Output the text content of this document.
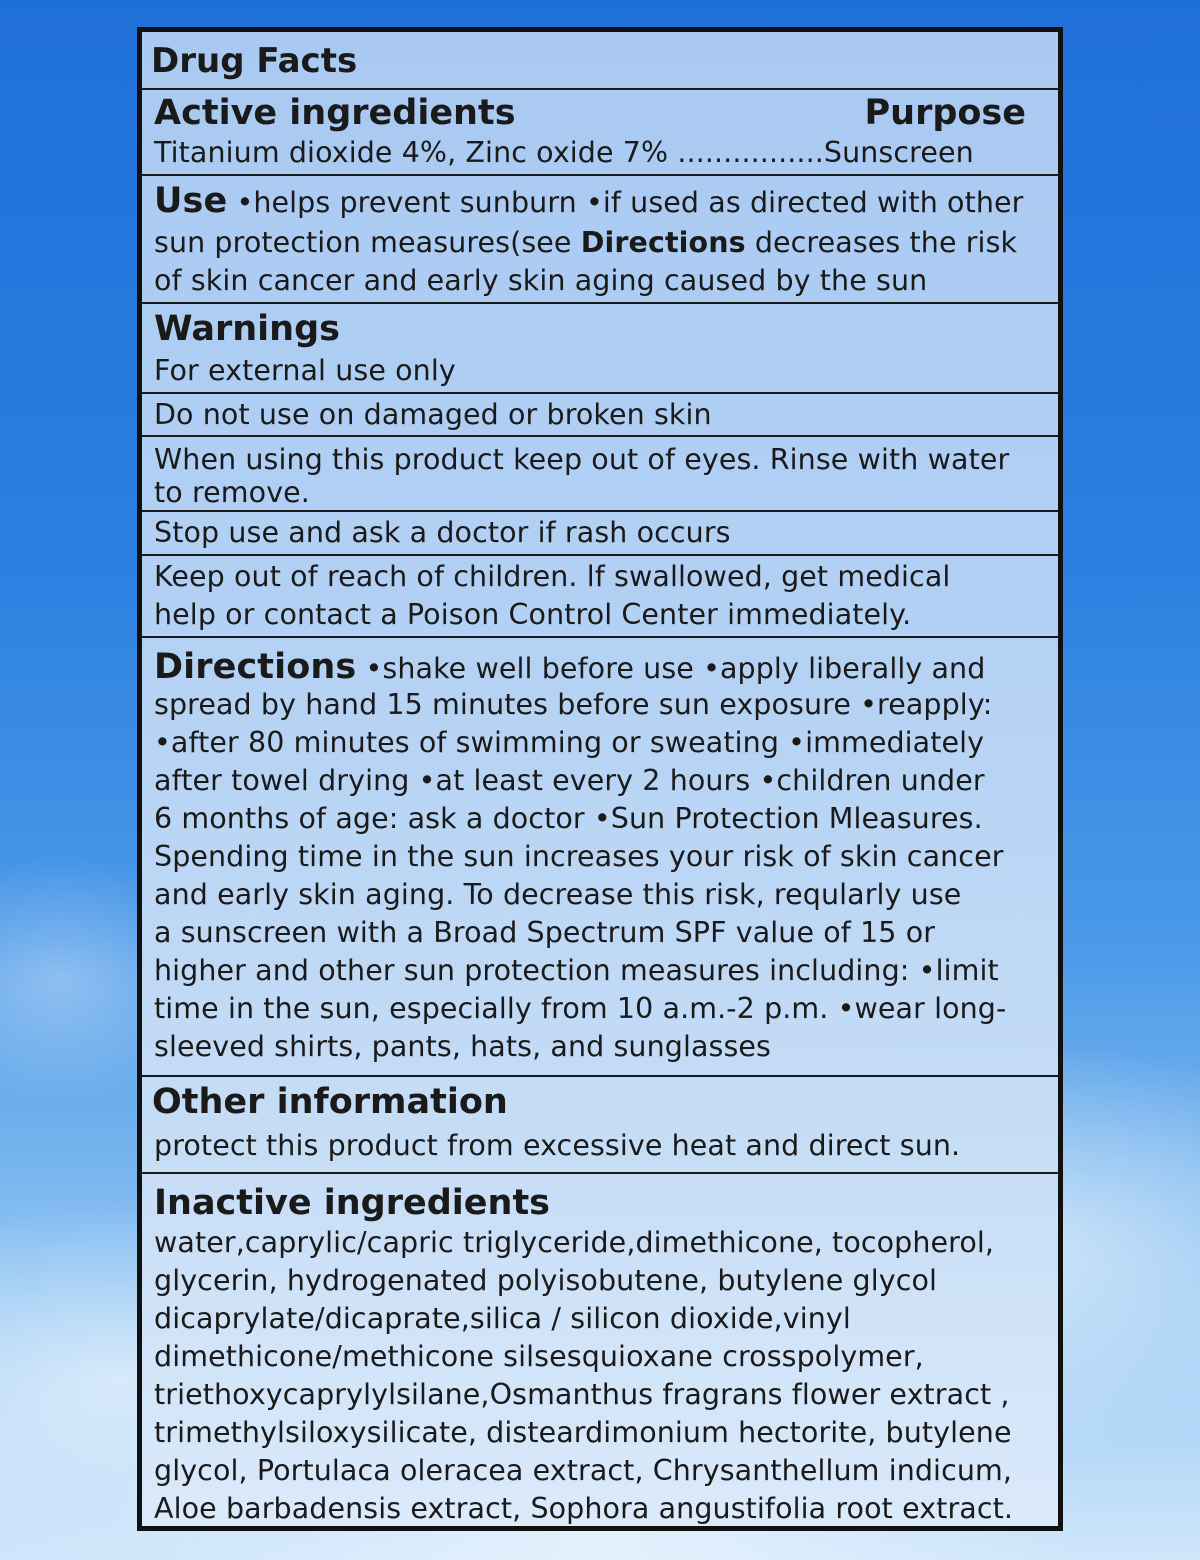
Drug Facts
Active ingredients	Purpose
Titanium dioxide 4%, Zinc oxide 7% ................Sunscreen
Use •helps prevent sunburn •if used as directed with other
sun protection measures(see Directions decreases the risk
of skin cancer and early skin aging caused by the sun
Warnings
For external use only
Do not use on damaged or broken skin
When using this product keep out of eyes. Rinse with water
to remove.
Stop use and ask a doctor if rash occurs
Keep out of reach of children. lf swallowed, get medical
help or contact a Poison Control Center immediately.
Directions •shake well before use •apply liberally and
spread by hand 15 minutes before sun exposure •reapply:
•after 80 minutes of swimming or sweating •immediately
after towel drying •at least every 2 hours •children under
6 months of age: ask a doctor •Sun Protection Mleasures.
Spending time in the sun increases your risk of skin cancer
and early skin aging. To decrease this risk, reqularly use
a sunscreen with a Broad Spectrum SPF value of 15 or
higher and other sun protection measures including: •limit
time in the sun, especially from 10 a.m.-2 p.m. •wear long-
sleeved shirts, pants, hats, and sunglasses
Other information
protect this product from excessive heat and direct sun.
Inactive ingredients
water,caprylic/capric triglyceride,dimethicone, tocopherol,
glycerin, hydrogenated polyisobutene, butylene glycol
dicaprylate/dicaprate,silica / silicon dioxide,vinyl
dimethicone/methicone silsesquioxane crosspolymer,
triethoxycaprylylsilane,Osmanthus fragrans flower extract ,
trimethylsiloxysilicate, disteardimonium hectorite, butylene
glycol, Portulaca oleracea extract, Chrysanthellum indicum,
Aloe barbadensis extract, Sophora angustifolia root extract.
